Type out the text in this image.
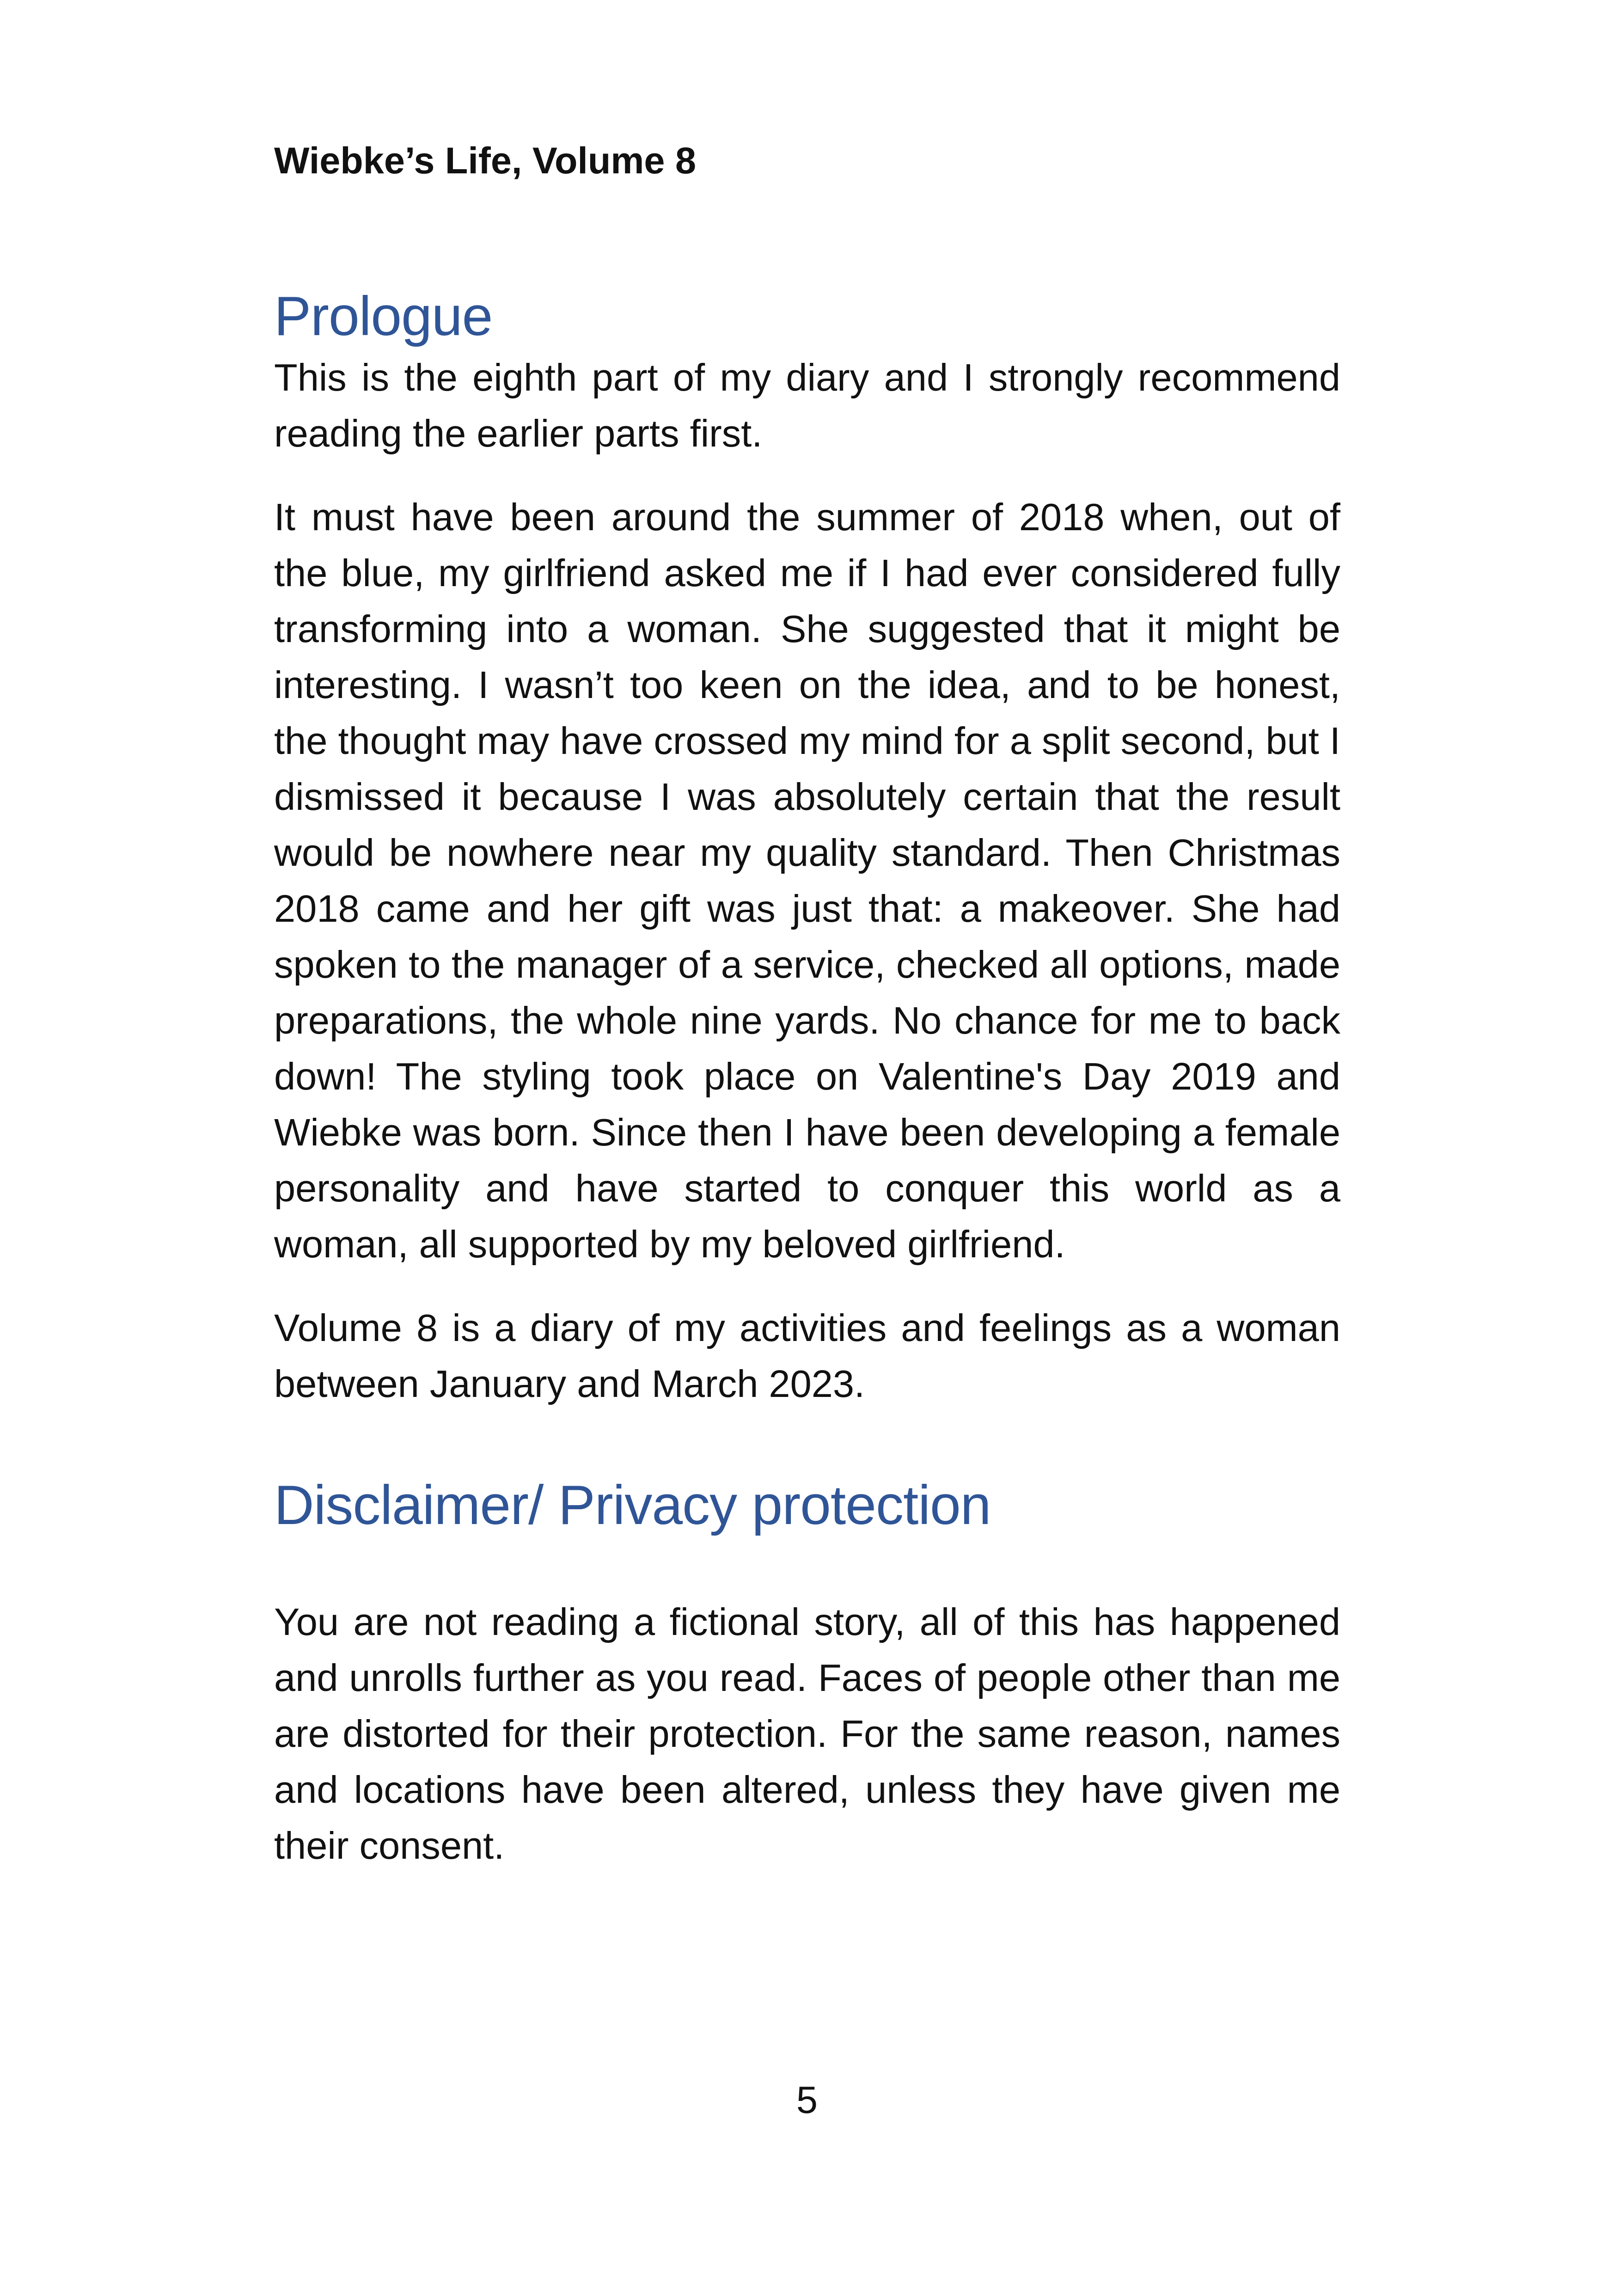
Wiebke’s Life, Volume 8
Prologue

This is the eighth part of my diary and I strongly recommend reading the earlier parts first.

It must have been around the summer of 2018 when, out of the blue, my girlfriend asked me if I had ever considered fully transforming into a woman. She suggested that it might be interesting. I wasn’t too keen on the idea, and to be honest, the thought may have crossed my mind for a split second, but I dismissed it because I was absolutely certain that the result would be nowhere near my quality standard. Then Christmas 2018 came and her gift was just that: a makeover. She had spoken to the manager of a service, checked all options, made preparations, the whole nine yards. No chance for me to back down! The styling took place on Valentine's Day 2019 and Wiebke was born. Since then I have been developing a female personality and have started to conquer this world as a woman, all supported by my beloved girlfriend.

Volume 8 is a diary of my activities and feelings as a woman between January and March 2023.

Disclaimer/ Privacy protection

You are not reading a fictional story, all of this has happened and unrolls further as you read. Faces of people other than me are distorted for their protection. For the same reason, names and locations have been altered, unless they have given me their consent.

5
